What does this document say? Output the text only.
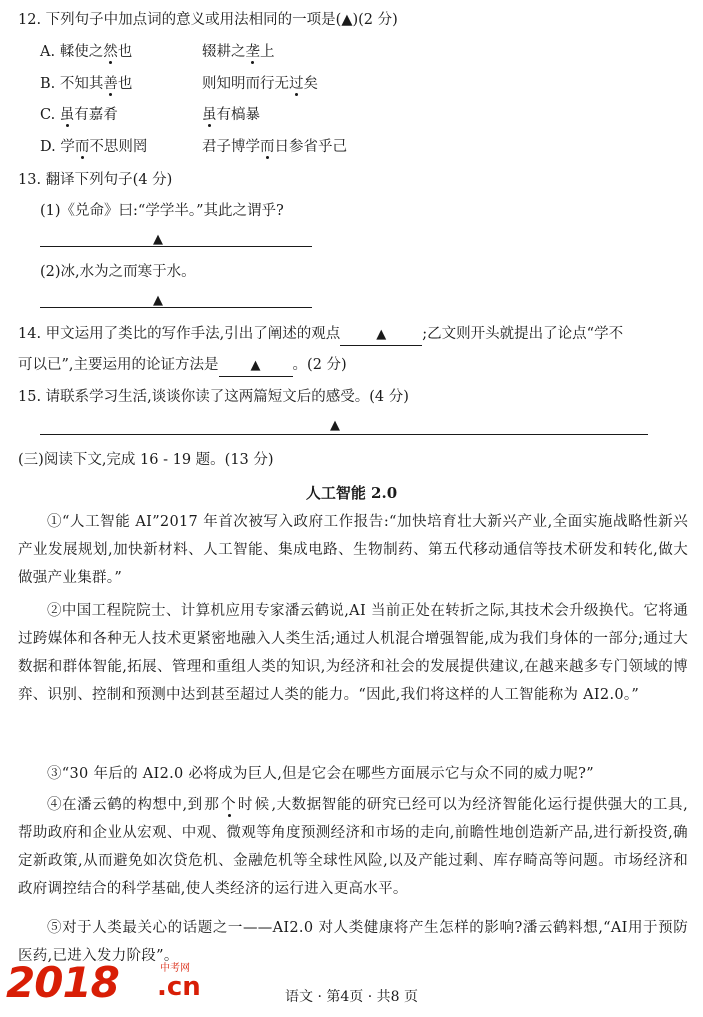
12. 下列句子中加点词的意义或用法相同的一项是(▲)(2 分)
A. 輮使之然也	辍耕之垄上
B. 不知其善也	则知明而行无过矣
C. 虽有嘉肴	虽有槁暴
D. 学而不思则罔	君子博学而日参省乎己
13. 翻译下列句子(4 分)
(1)《兑命》曰:“学学半。”其此之谓乎?
▲
(2)冰,水为之而寒于水。
▲
14. 甲文运用了类比的写作手法,引出了阐述的观点	▲ ;乙文则开头就提出了论点“学不
可以已”,主要运用的论证方法是 ▲ 。(2 分)
15. 请联系学习生活,谈谈你读了这两篇短文后的感受。(4 分)
▲
(三)阅读下文,完成 16 - 19 题。(13 分)
人工智能 2.0
①“人工智能 AI”2017 年首次被写入政府工作报告:“加快培育壮大新兴产业,全面实施战略性新兴产业发展规划,加快新材料、人工智能、集成电路、生物制药、第五代移动通信等技术研发和转化,做大做强产业集群。”
②中国工程院院士、计算机应用专家潘云鹤说,AI 当前正处在转折之际,其技术会升级换代。它将通过跨媒体和各种无人技术更紧密地融入人类生活;通过人机混合增强智能,成为我们身体的一部分;通过大数据和群体智能,拓展、管理和重组人类的知识,为经济和社会的发展提供建议,在越来越多专门领域的博弈、识别、控制和预测中达到甚至超过人类的能力。“因此,我们将这样的人工智能称为 AI2.0。”
③“30 年后的 AI2.0 必将成为巨人,但是它会在哪些方面展示它与众不同的威力呢?”
④在潘云鹤的构想中,到那个时候,大数据智能的研究已经可以为经济智能化运行提供强大的工具,帮助政府和企业从宏观、中观、微观等角度预测经济和市场的走向,前瞻性地创造新产品,进行新投资,确定新政策,从而避免如次贷危机、金融危机等全球性风险,以及产能过剩、库存畸高等问题。市场经济和政府调控结合的科学基础,使人类经济的运行进入更高水平。
⑤对于人类最关心的话题之一——AI2.0 对人类健康将产生怎样的影响?潘云鹤料想,“AI用于预防医药,已进入发力阶段”。
2018	中考网
.cn	语文 · 第4页 · 共8 页
